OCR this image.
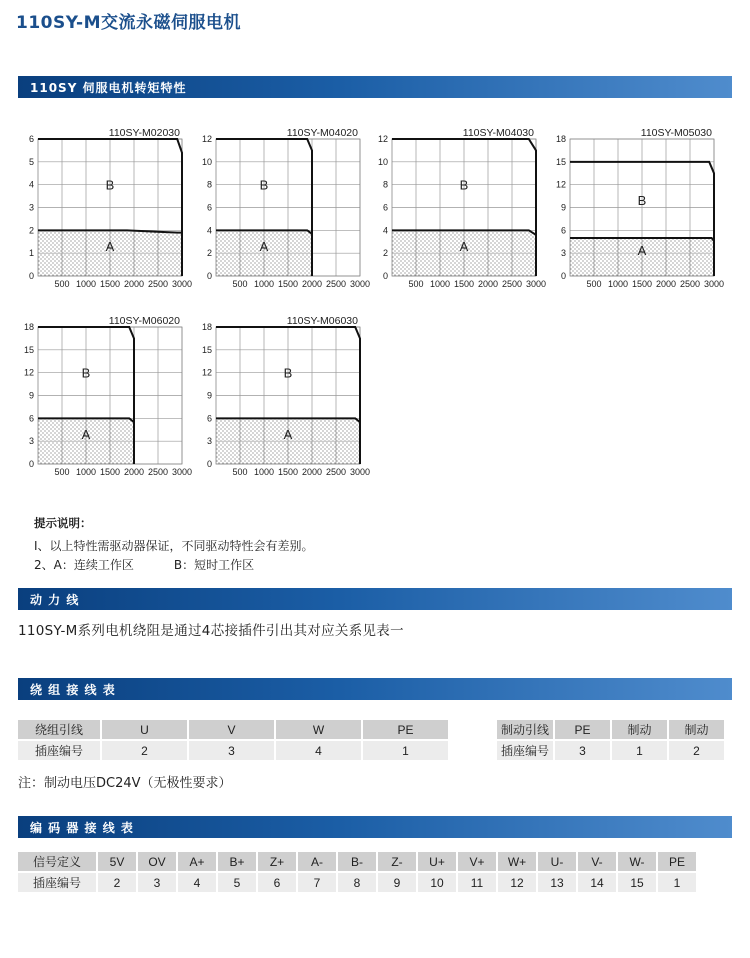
110SY-M交流永磁伺服电机
110SY 伺服电机转矩特性
0
1
2
3
4
5
6
500 1000 1500 2000 2500 3000
110SY-M02030
B
A
0
2
4
6
8
10
12
500 1000 1500 2000 2500 3000
110SY-M04020
B
A
0
2
4
6
8
10
12
500 1000 1500 2000 2500 3000
110SY-M04030
B
A
0
3
6
9
12
15
18
500 1000 1500 2000 2500 3000
110SY-M05030
B
A
0
3
6
9
12
15
18
500 1000 1500 2000 2500 3000
110SY-M06020
B
A
0
3
6
9
12
15
18
500 1000 1500 2000 2500 3000
110SY-M06030
B
A
提示说明：
I、以上特性需驱动器保证，不同驱动特性会有差别。
2、A：连续工作区	B：短时工作区
动 力 线
110SY-M系列电机绕阻是通过4芯接插件引出其对应关系见表一
绕 组 接 线 表
绕组引线	U	V	W	PE
插座编号	2	3	4	1
制动引线	PE	制动	制动
插座编号	3	1	2
注：制动电压DC24V（无极性要求）
编 码 器 接 线 表
信号定义	5V	OV	A+	B+	Z+	A-	B-	Z-	U+	V+	W+	U-	V-	W-	PE
插座编号	2	3	4	5	6	7	8	9	10	11	12	13	14	15	1
